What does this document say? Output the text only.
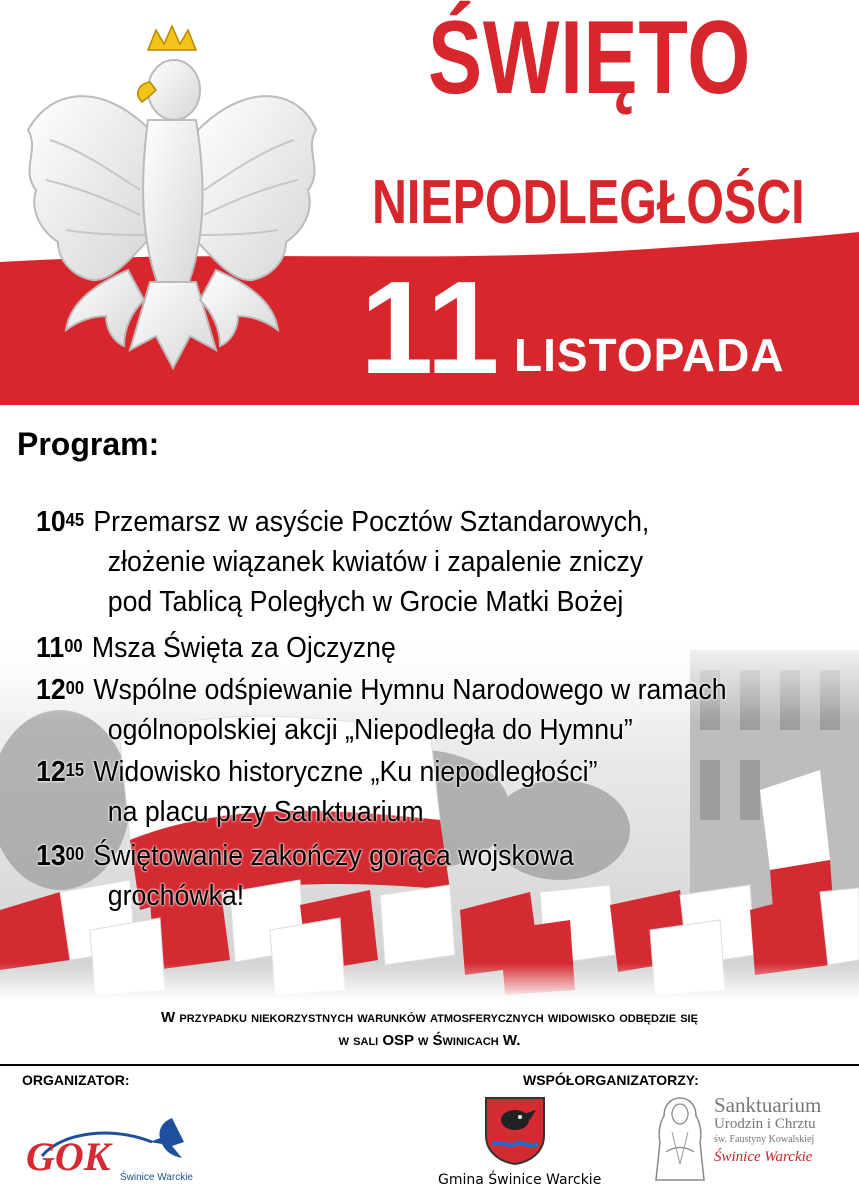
ŚWIĘTO
NIEPODLEGŁOŚCI
11 LISTOPADA
Program:
$10^{45}$ Przemarsz w asyście Pocztów Sztandarowych,
złożenie wiązanek kwiatów i zapalenie zniczy
pod Tablicą Poległych w Grocie Matki Bożej
$11^{00}$ Msza Święta za Ojczyznę
$12^{00}$ Wspólne odśpiewanie Hymnu Narodowego w ramach
ogólnopolskiej akcji „Niepodległa do Hymnu”
$12^{15}$ Widowisko historyczne „Ku niepodległości”
na placu przy Sanktuarium
$13^{00}$ Świętowanie zakończy gorąca wojskowa
grochówka!
W przypadku niekorzystnych warunków atmosferycznych widowisko odbędzie się
w sali OSP w Świnicach W.
ORGANIZATOR:	WSPÓŁORGANIZATORZY:
GOK Świnice Warckie	Gmina Świnice Warckie
Sanktuarium
Urodzin i Chrztu
św. Faustyny Kowalskiej
Świnice Warckie
